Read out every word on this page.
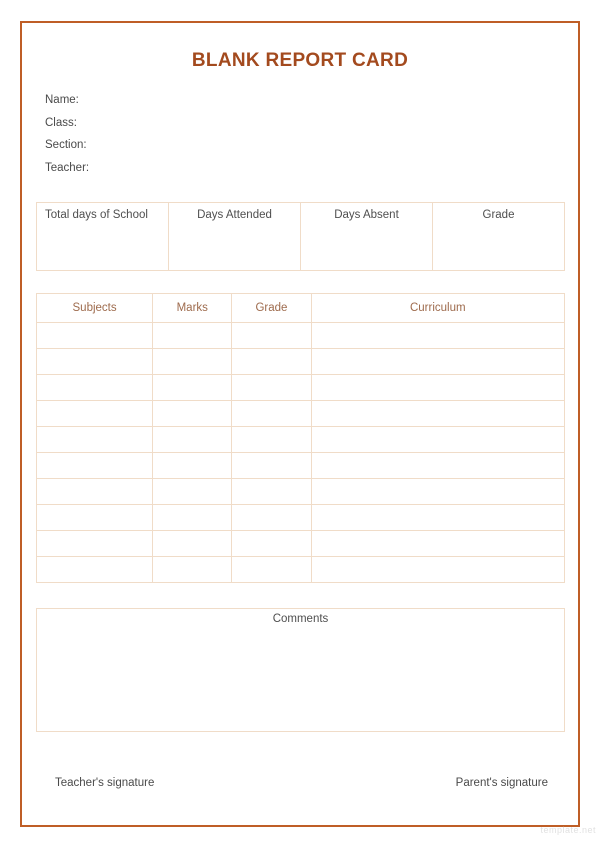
BLANK REPORT CARD
Name:
Class:
Section:
Teacher:
Total days of School	Days Attended	Days Absent	Grade
Subjects	Marks	Grade	Curriculum

Comments
Teacher's signature	Parent's signature
template.net
